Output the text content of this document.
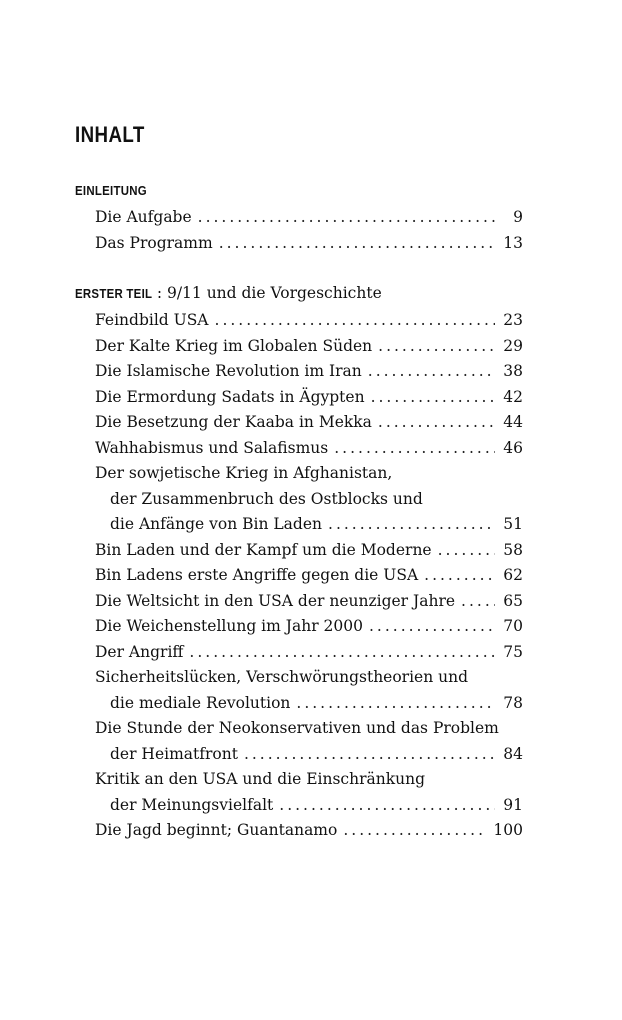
INHALT
EINLEITUNG
Die Aufgabe .....	9
Das Programm .....	13
ERSTER TEIL : 9/11 und die Vorgeschichte
Feindbild USA .....	23
Der Kalte Krieg im Globalen Süden .....	29
Die Islamische Revolution im Iran .....	38
Die Ermordung Sadats in Ägypten .....	42
Die Besetzung der Kaaba in Mekka .....	44
Wahhabismus und Salafismus .....	46
Der sowjetische Krieg in Afghanistan,
der Zusammenbruch des Ostblocks und
die Anfänge von Bin Laden .....	51
Bin Laden und der Kampf um die Moderne .....	58
Bin Ladens erste Angriffe gegen die USA .....	62
Die Weltsicht in den USA der neunziger Jahre .....	65
Die Weichenstellung im Jahr 2000 .....	70
Der Angriff .....	75
Sicherheitslücken, Verschwörungstheorien und
die mediale Revolution .....	78
Die Stunde der Neokonservativen und das Problem
der Heimatfront .....	84
Kritik an den USA und die Einschränkung
der Meinungsvielfalt .....	91
Die Jagd beginnt; Guantanamo .....	100
